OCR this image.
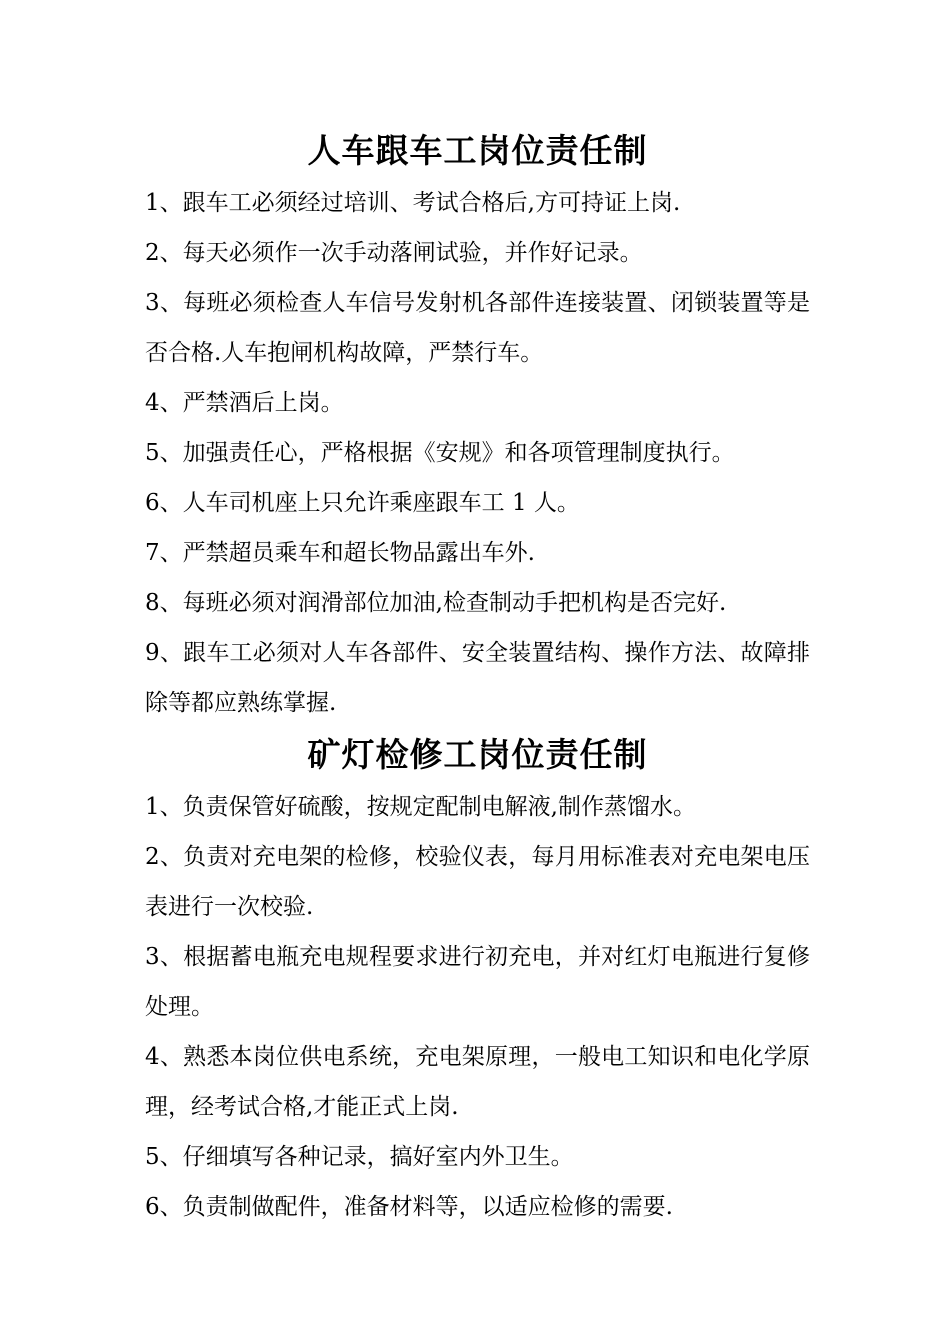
人车跟车工岗位责任制

1、跟车工必须经过培训、考试合格后,方可持证上岗.

2、每天必须作一次手动落闸试验，并作好记录。

3、每班必须检查人车信号发射机各部件连接装置、闭锁装置等是否合格.人车抱闸机构故障，严禁行车。

4、严禁酒后上岗。

5、加强责任心，严格根据《安规》和各项管理制度执行。

6、人车司机座上只允许乘座跟车工 1 人。

7、严禁超员乘车和超长物品露出车外.

8、每班必须对润滑部位加油,检查制动手把机构是否完好.

9、跟车工必须对人车各部件、安全装置结构、操作方法、故障排除等都应熟练掌握.

矿灯检修工岗位责任制

1、负责保管好硫酸，按规定配制电解液,制作蒸馏水。

2、负责对充电架的检修，校验仪表，每月用标准表对充电架电压表进行一次校验.

3、根据蓄电瓶充电规程要求进行初充电，并对红灯电瓶进行复修处理。

4、熟悉本岗位供电系统，充电架原理，一般电工知识和电化学原理，经考试合格,才能正式上岗.

5、仔细填写各种记录，搞好室内外卫生。

6、负责制做配件，准备材料等，以适应检修的需要.
